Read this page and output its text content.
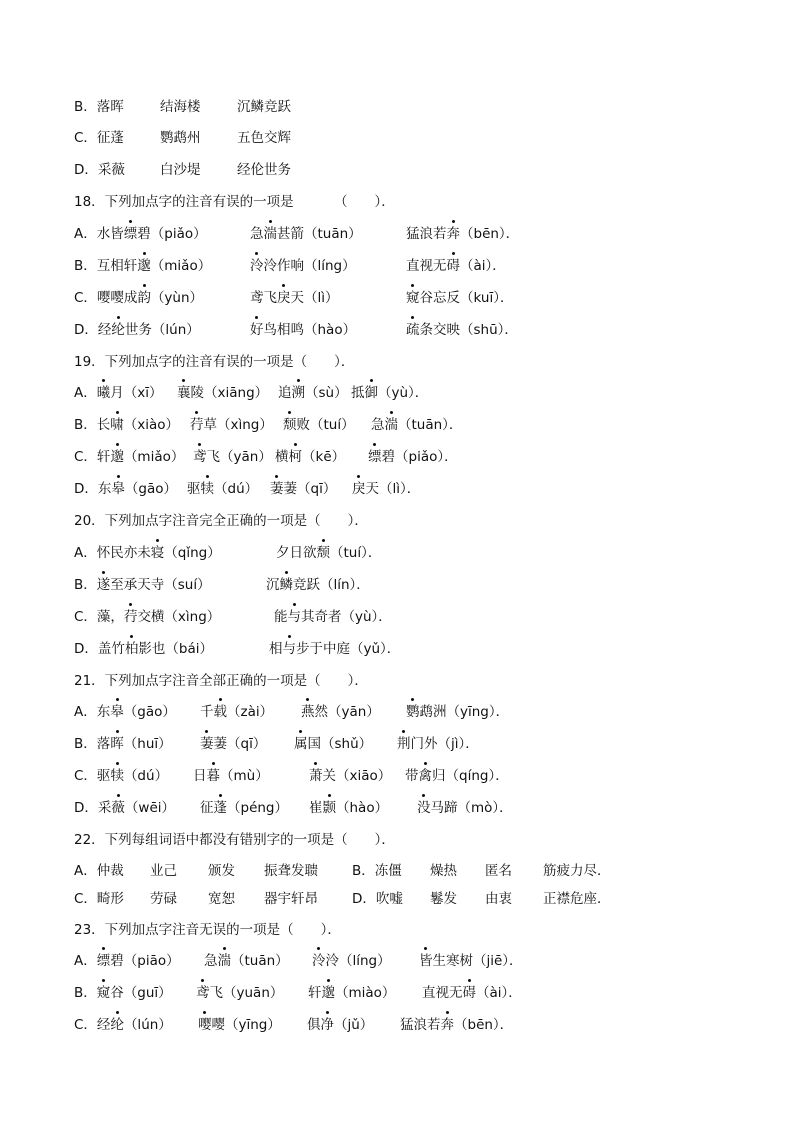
B．落晖	结海楼	沉鳞竞跃
C．征蓬	鹦鹉州	五色交辉
D．采薇	白沙堤	经伦世务
18．下列加点字的注音有误的一项是	（　　）．
A．水皆缥碧（piǎo）	急湍甚箭（tuān）	猛浪若奔（bēn）．
B．互相轩邈（miǎo）	泠泠作响（líng）	直视无碍（ài）．
C．嘤嘤成韵（yùn）	鸢飞戾天（lì）	窥谷忘反（kuī）．
D．经纶世务（lún）	好鸟相鸣（hào）	疏条交映（shū）．
19．下列加点字的注音有误的一项是（　　）．
A．曦月（xī） 襄陵（xiāng） 追溯（sù） 抵御（yù）．
B．长啸（xiào） 荇草（xìng） 颓败（tuí） 急湍（tuān）．
C．轩邈（miǎo） 鸢飞（yān） 横柯（kē） 缥碧（piǎo）．
D．东皋（gāo） 驱犊（dú） 萋萋（qī） 戾天（lì）．
20．下列加点字注音完全正确的一项是（　　）．
A．怀民亦未寝（qǐng）	夕日欲颓（tuí）．
B．遂至承天寺（suí）	沉鳞竞跃（lín）．
C．藻，荇交横（xìng）	能与其奇者（yù）．
D．盖竹柏影也（bái）	相与步于中庭（yǔ）．
21．下列加点字注音全部正确的一项是（　　）．
A．东皋（gāo） 千载（zài） 燕然（yān） 鹦鹉洲（yīng）．
B．落晖（huī） 萋萋（qī） 属国（shǔ） 荆门外（jì）．
C．驱犊（dú） 日暮（mù）	萧关（xiāo） 带禽归（qíng）．
D．采薇（wēi） 征蓬（péng） 崔颢（hào） 没马蹄（mò）．
22．下列每组词语中都没有错别字的一项是（　　）．
A．仲裁 业己 颁发 振聋发聩	B．冻僵 燥热 匿名 筋疲力尽．
C．畸形 劳碌 宽恕 器宇轩昂	D．吹嘘 鬈发 由衷 正襟危座．
23．下列加点字注音无误的一项是（　　）．
A．缥碧（piāo） 急湍（tuān） 泠泠（líng） 皆生寒树（jiē）．
B．窥谷（guī） 鸢飞（yuān） 轩邈（miào） 直视无碍（ài）．
C．经纶（lún） 嘤嘤（yīng） 俱净（jǔ） 猛浪若奔（bēn）．
